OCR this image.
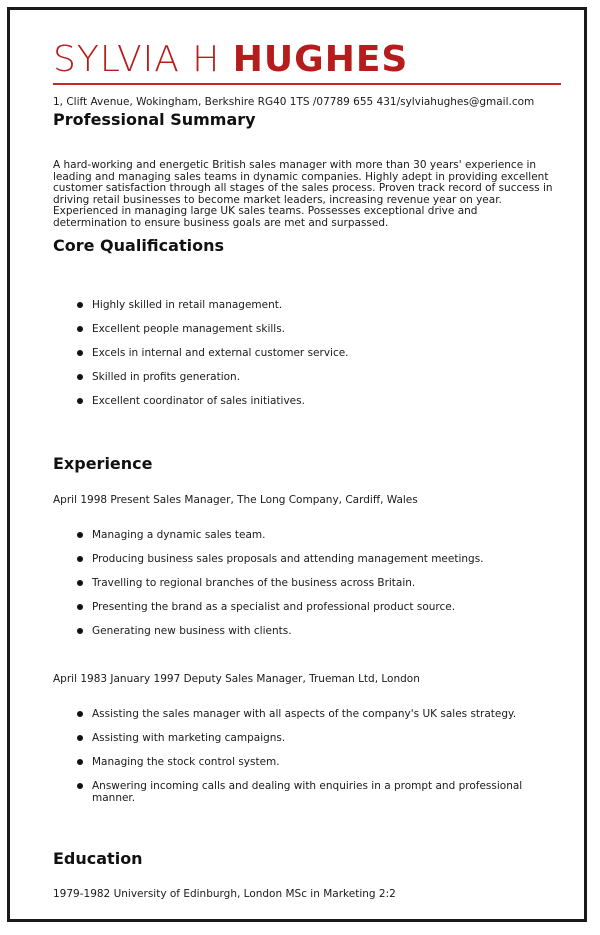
SYLVIA H HUGHES
1, Clift Avenue, Wokingham, Berkshire RG40 1TS /07789 655 431/sylviahughes@gmail.com
Professional Summary

A hard-working and energetic British sales manager with more than 30 years' experience in leading and managing sales teams in dynamic companies. Highly adept in providing excellent customer satisfaction through all stages of the sales process. Proven track record of success in driving retail businesses to become market leaders, increasing revenue year on year. Experienced in managing large UK sales teams. Possesses exceptional drive and determination to ensure business goals are met and surpassed.

Core Qualifications
Highly skilled in retail management.
Excellent people management skills.
Excels in internal and external customer service.
Skilled in profits generation.
Excellent coordinator of sales initiatives.
Experience
April 1998 Present Sales Manager, The Long Company, Cardiff, Wales
Managing a dynamic sales team.
Producing business sales proposals and attending management meetings.
Travelling to regional branches of the business across Britain.
Presenting the brand as a specialist and professional product source.
Generating new business with clients.
April 1983 January 1997 Deputy Sales Manager, Trueman Ltd, London
Assisting the sales manager with all aspects of the company's UK sales strategy.
Assisting with marketing campaigns.
Managing the stock control system.
Answering incoming calls and dealing with enquiries in a prompt and professional manner.
Education
1979-1982 University of Edinburgh, London MSc in Marketing 2:2
